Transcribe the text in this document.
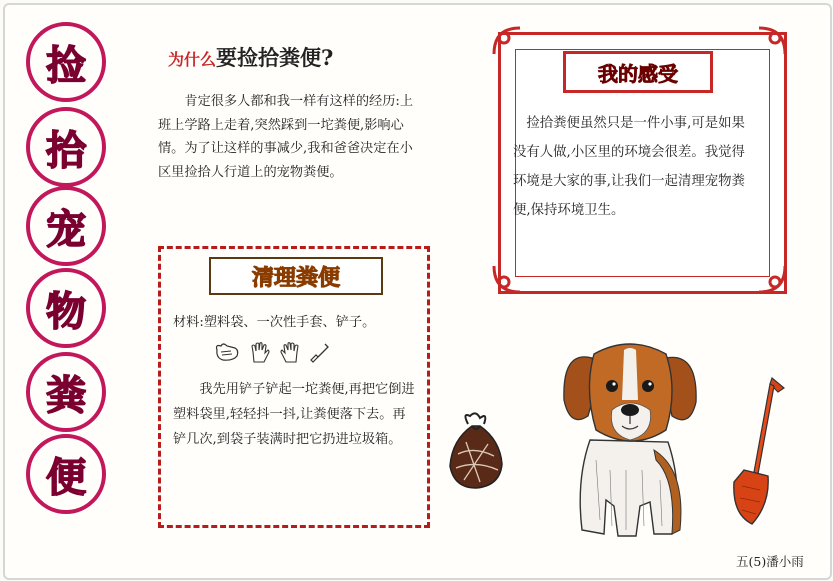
捡
拾
宠
物
粪
便
为什么要捡拾粪便?
肯定很多人都和我一样有这样的经历:上班上学路上走着,突然踩到一坨粪便,影响心情。为了让这样的事减少,我和爸爸决定在小区里捡拾人行道上的宠物粪便。
清理粪便
材料:塑料袋、一次性手套、铲子。
我先用铲子铲起一坨粪便,再把它倒进塑料袋里,轻轻抖一抖,让粪便落下去。再铲几次,到袋子装满时把它扔进垃圾箱。
我的感受
捡拾粪便虽然只是一件小事,可是如果没有人做,小区里的环境会很差。我觉得环境是大家的事,让我们一起清理宠物粪便,保持环境卫生。
五(5)潘小雨
